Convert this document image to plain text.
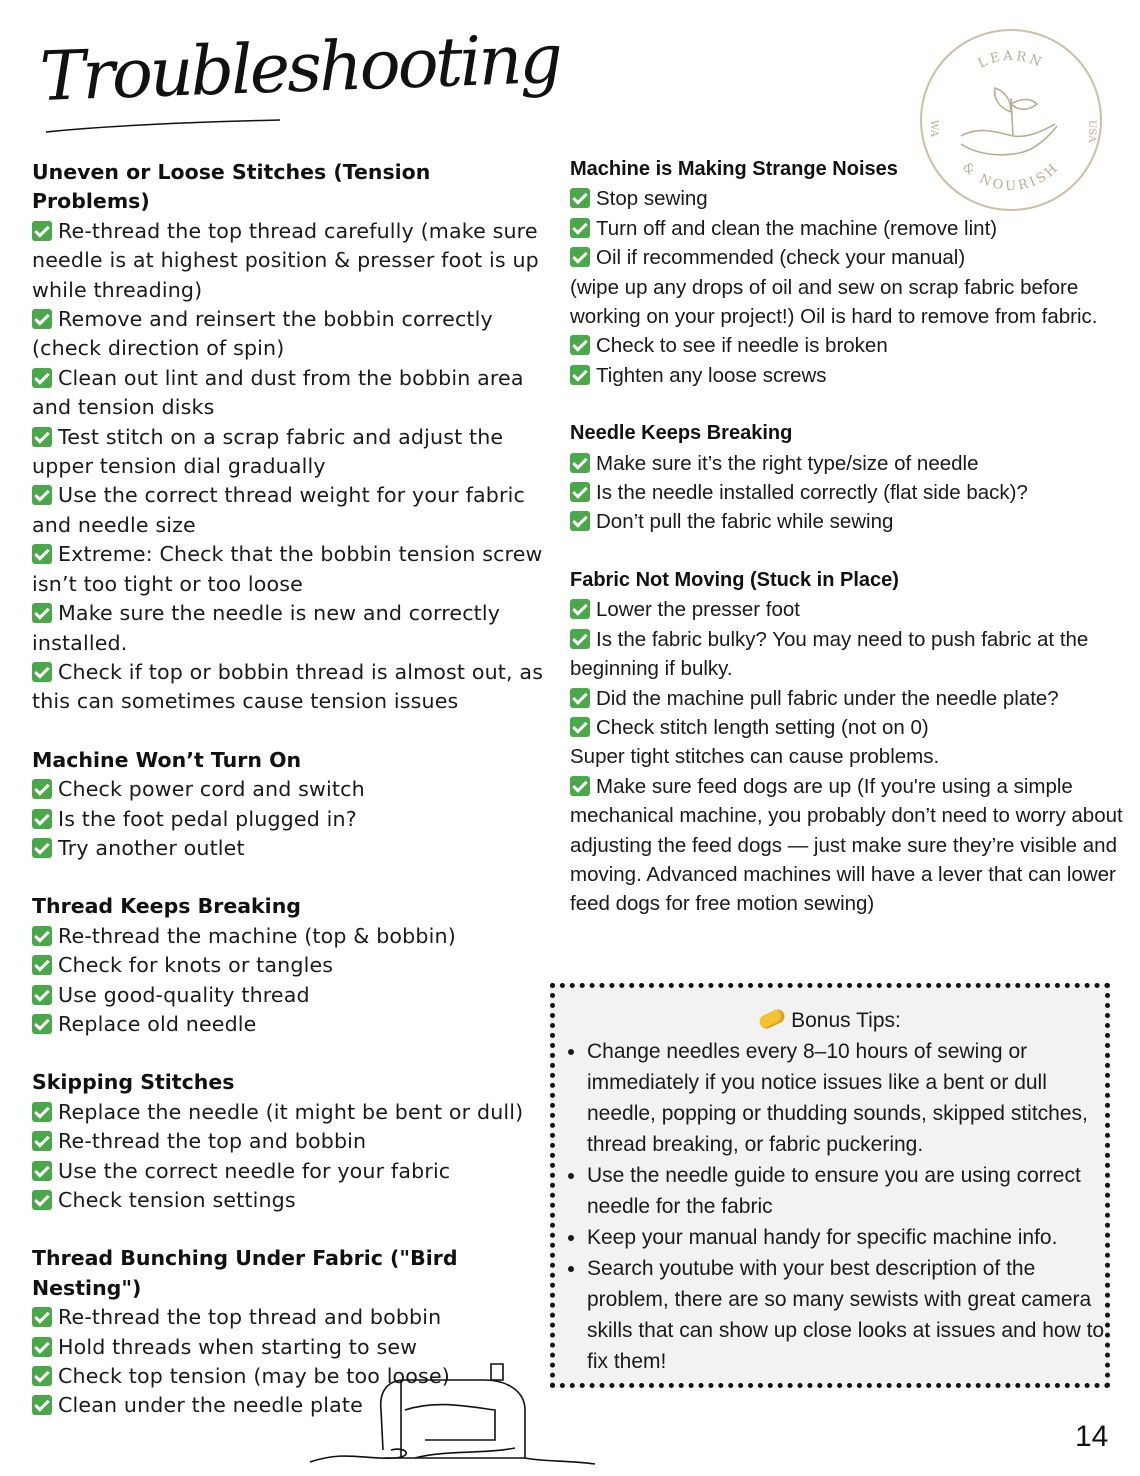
Troubleshooting	LEARN
& NOURISH
WA	USA

Uneven or Loose Stitches (Tension Problems)

Re-thread the top thread carefully (make sure needle is at highest position & presser foot is up while threading)

Remove and reinsert the bobbin correctly (check direction of spin)

Clean out lint and dust from the bobbin area and tension disks

Test stitch on a scrap fabric and adjust the upper tension dial gradually

Use the correct thread weight for your fabric and needle size

Extreme: Check that the bobbin tension screw isn’t too tight or too loose

Make sure the needle is new and correctly installed.

Check if top or bobbin thread is almost out, as this can sometimes cause tension issues

Machine Won’t Turn On

Check power cord and switch

Is the foot pedal plugged in?

Try another outlet

Thread Keeps Breaking

Re-thread the machine (top & bobbin)

Check for knots or tangles

Use good-quality thread

Replace old needle

Skipping Stitches

Replace the needle (it might be bent or dull)

Re-thread the top and bobbin

Use the correct needle for your fabric

Check tension settings

Thread Bunching Under Fabric ("Bird Nesting")

Re-thread the top thread and bobbin

Hold threads when starting to sew

Check top tension (may be too loose)

Clean under the needle plate

Machine is Making Strange Noises

Stop sewing

Turn off and clean the machine (remove lint)

Oil if recommended (check your manual)

(wipe up any drops of oil and sew on scrap fabric before working on your project!) Oil is hard to remove from fabric.

Check to see if needle is broken

Tighten any loose screws

Needle Keeps Breaking

Make sure it’s the right type/size of needle

Is the needle installed correctly (flat side back)?

Don’t pull the fabric while sewing

Fabric Not Moving (Stuck in Place)

Lower the presser foot

Is the fabric bulky? You may need to push fabric at the beginning if bulky.

Did the machine pull fabric under the needle plate?

Check stitch length setting (not on 0)

Super tight stitches can cause problems.

Make sure feed dogs are up (If you're using a simple mechanical machine, you probably don’t need to worry about adjusting the feed dogs — just make sure they’re visible and moving. Advanced machines will have a lever that can lower feed dogs for free motion sewing)

Bonus Tips:

• Change needles every 8–10 hours of sewing or immediately if you notice issues like a bent or dull needle, popping or thudding sounds, skipped stitches, thread breaking, or fabric puckering.
• Use the needle guide to ensure you are using correct needle for the fabric
• Keep your manual handy for specific machine info.
• Search youtube with your best description of the problem, there are so many sewists with great camera skills that can show up close looks at issues and how to fix them!
14
